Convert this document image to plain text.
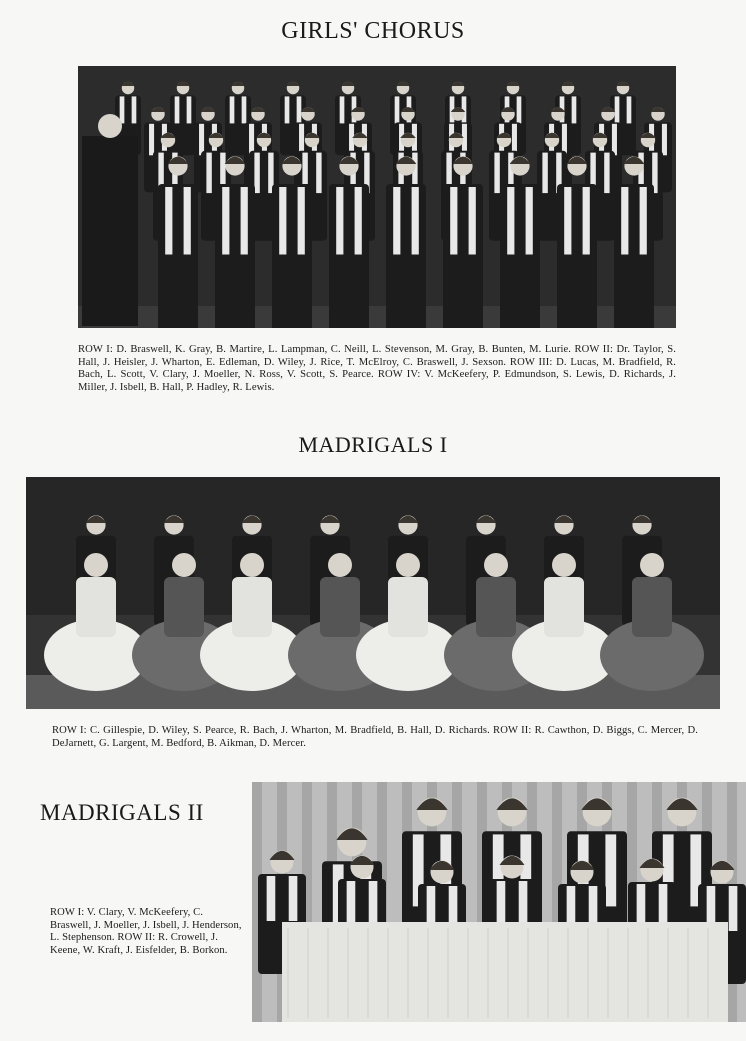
GIRLS' CHORUS

ROW I: D. Braswell, K. Gray, B. Martire, L. Lampman, C. Neill, L. Stevenson, M. Gray, B. Bunten, M. Lurie. ROW II: Dr. Taylor, S. Hall, J. Heisler, J. Wharton, E. Edleman, D. Wiley, J. Rice, T. McElroy, C. Braswell, J. Sexson. ROW III: D. Lucas, M. Bradfield, R. Bach, L. Scott, V. Clary, J. Moeller, N. Ross, V. Scott, S. Pearce. ROW IV: V. McKeefery, P. Edmundson, S. Lewis, D. Richards, J. Miller, J. Isbell, B. Hall, P. Hadley, R. Lewis.

MADRIGALS I

ROW I: C. Gillespie, D. Wiley, S. Pearce, R. Bach, J. Wharton, M. Bradfield, B. Hall, D. Richards. ROW II: R. Cawthon, D. Biggs, C. Mercer, D. DeJarnett, G. Largent, M. Bedford, B. Aikman, D. Mercer.

MADRIGALS II

ROW I: V. Clary, V. McKeefery, C. Braswell, J. Moeller, J. Isbell, J. Henderson, L. Stephenson. ROW II: R. Crowell, J. Keene, W. Kraft, J. Eisfelder, B. Borkon.
